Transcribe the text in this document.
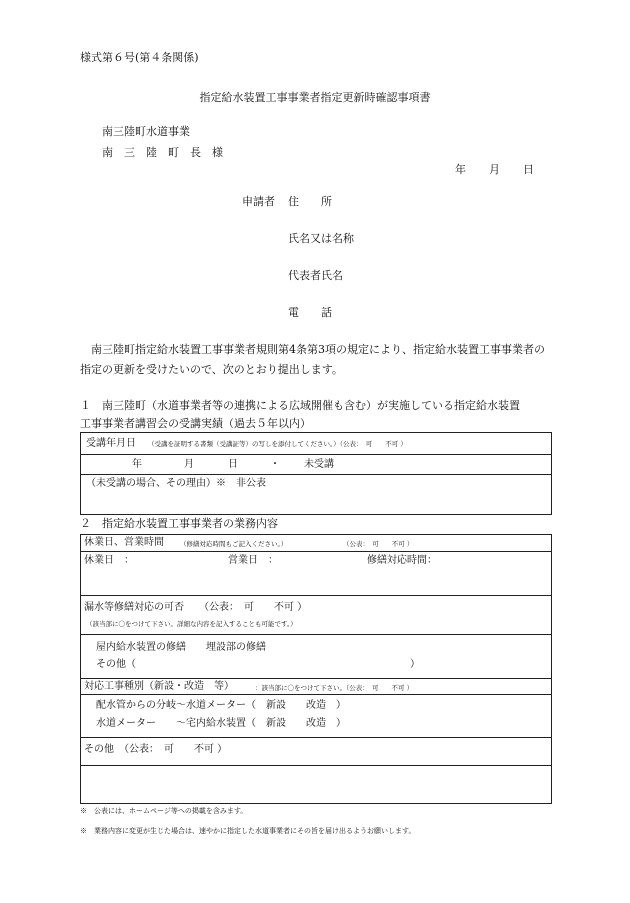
様式第６号(第４条関係)
指定給水装置工事事業者指定更新時確認事項書
南三陸町水道事業
南　三　陸　町　長　様
年 月 日
申請者 住　　所
氏名又は名称
代表者氏名
電　　話
南三陸町指定給水装置工事事業者規則第4条第3項の規定により、指定給水装置工事事業者の指定の更新を受けたいので、次のとおり提出します。
１　南三陸町（水道事業者等の連携による広域開催も含む）が実施している指定給水装置
工事事業者講習会の受講実績（過去５年以内）
受講年月日 （受講を証明する書類（受講証等）の写しを添付してください。）（公表：　可　　不可 ）
年	月	日	・ 未受講
（未受講の場合、その理由）※　非公表
２　指定給水装置工事事業者の業務内容
休業日、営業時間 （修繕対応時間もご記入ください。）	（公表：　可　　不可 ）
休業日　：	営業日　：	修繕対応時間：
漏水等修繕対応の可否　　（公表：　可　　不可 ）
（該当部に〇をつけて下さい。詳細な内容を記入することも可能です。）
屋内給水装置の修繕　　埋設部の修繕
その他（	）
対応工事種別（新設・改造　等）	：該当部に〇をつけて下さい。（公表：　可　　不可 ）
配水管からの分岐～水道メーター（　新設　　改造　）
水道メーター　　～宅内給水装置（　新設　　改造　）
その他　（公表：　可　　不可 ）
※　公表には、ホームページ等への掲載を含みます。
※　業務内容に変更が生じた場合は、速やかに指定した水道事業者にその旨を届け出るようお願いします。
